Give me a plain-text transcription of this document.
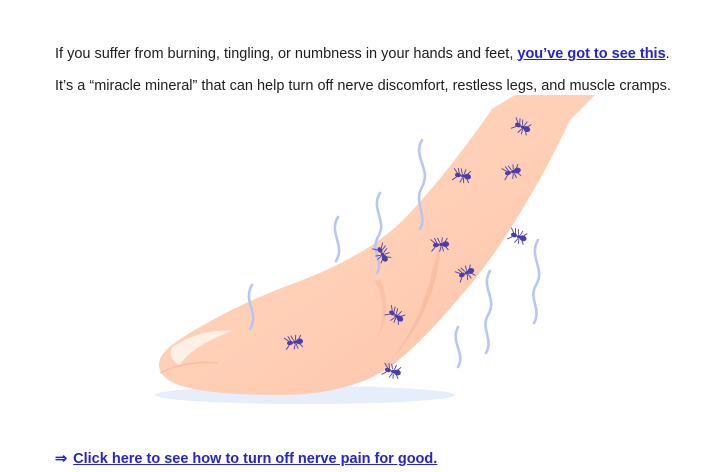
If you suffer from burning, tingling, or numbness in your hands and feet, you’ve got to see this.

It’s a “miracle mineral” that can help turn off nerve discomfort, restless legs, and muscle cramps.

⇒ Click here to see how to turn off nerve pain for good.
